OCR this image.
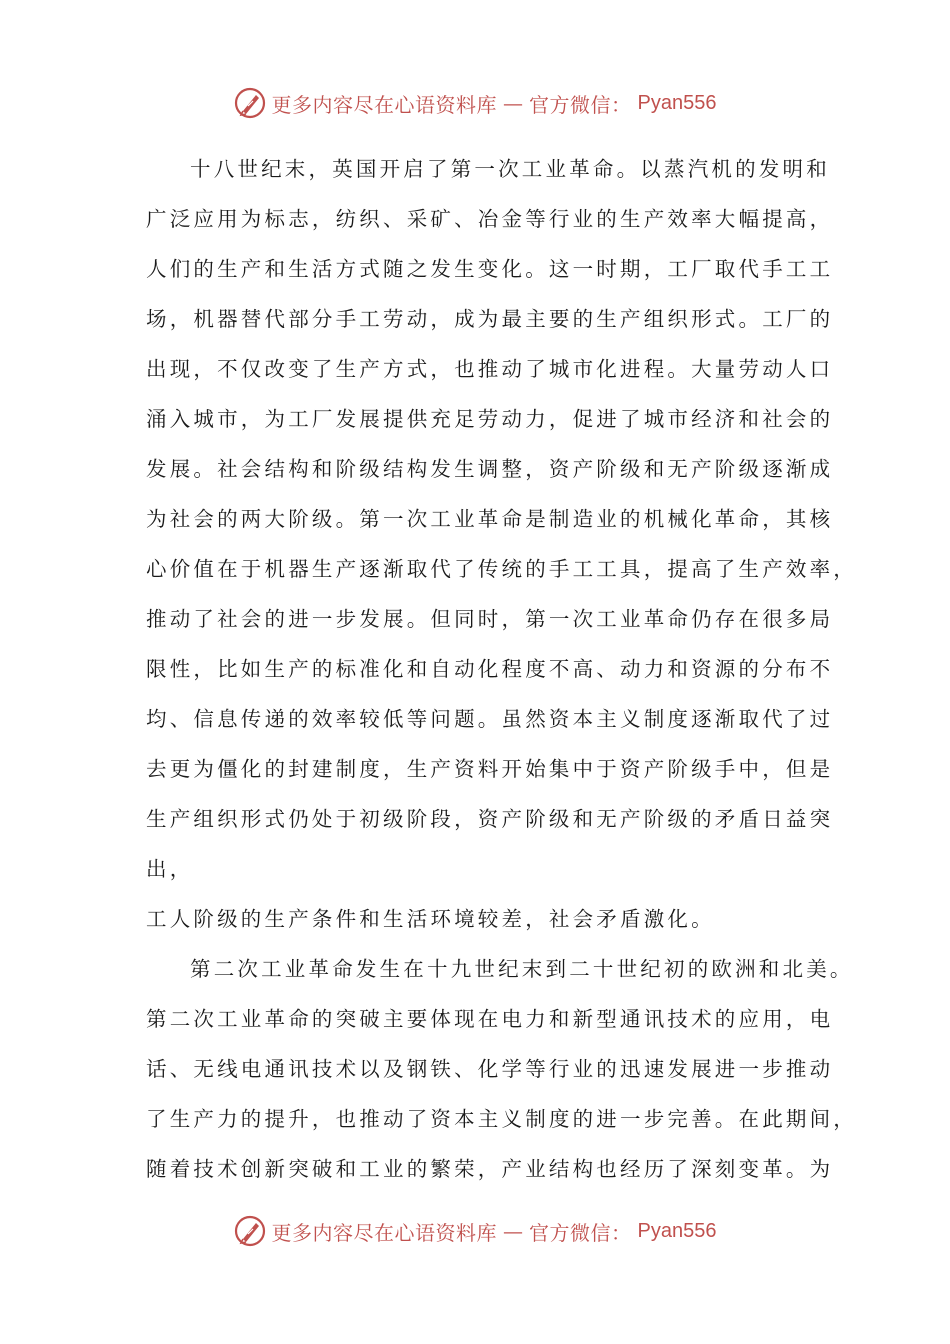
更多内容尽在心语资料库 — 官方微信： Pyan556
十八世纪末，英国开启了第一次工业革命。以蒸汽机的发明和
广泛应用为标志，纺织、采矿、冶金等行业的生产效率大幅提高，
人们的生产和生活方式随之发生变化。这一时期，工厂取代手工工
场，机器替代部分手工劳动，成为最主要的生产组织形式。工厂的
出现，不仅改变了生产方式，也推动了城市化进程。大量劳动人口
涌入城市，为工厂发展提供充足劳动力，促进了城市经济和社会的
发展。社会结构和阶级结构发生调整，资产阶级和无产阶级逐渐成
为社会的两大阶级。第一次工业革命是制造业的机械化革命，其核
心价值在于机器生产逐渐取代了传统的手工工具，提高了生产效率，
推动了社会的进一步发展。但同时，第一次工业革命仍存在很多局
限性，比如生产的标准化和自动化程度不高、动力和资源的分布不
均、信息传递的效率较低等问题。虽然资本主义制度逐渐取代了过
去更为僵化的封建制度，生产资料开始集中于资产阶级手中，但是
生产组织形式仍处于初级阶段，资产阶级和无产阶级的矛盾日益突
出，
工人阶级的生产条件和生活环境较差，社会矛盾激化。
第二次工业革命发生在十九世纪末到二十世纪初的欧洲和北美。
第二次工业革命的突破主要体现在电力和新型通讯技术的应用，电
话、无线电通讯技术以及钢铁、化学等行业的迅速发展进一步推动
了生产力的提升，也推动了资本主义制度的进一步完善。在此期间，
随着技术创新突破和工业的繁荣，产业结构也经历了深刻变革。为
更多内容尽在心语资料库 — 官方微信： Pyan556
